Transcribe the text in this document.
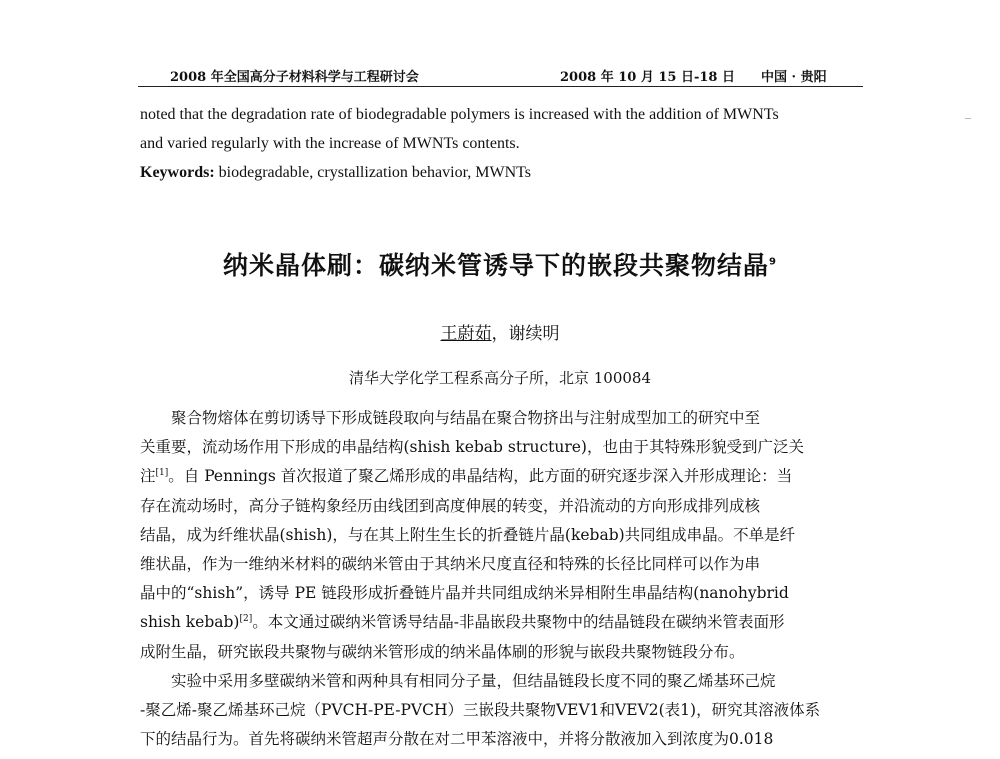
2008 年全国高分子材料科学与工程研讨会	2008 年 10 月 15 日-18 日　　中国 · 贵阳

noted that the degradation rate of biodegradable polymers is increased with the addition of MWNTs

and varied regularly with the increase of MWNTs contents.

Keywords: biodegradable, crystallization behavior, MWNTs

纳米晶体刷：碳纳米管诱导下的嵌段共聚物结晶$^9$
王蔚茹，谢续明
清华大学化学工程系高分子所，北京 100084

聚合物熔体在剪切诱导下形成链段取向与结晶在聚合物挤出与注射成型加工的研究中至

关重要，流动场作用下形成的串晶结构(shish kebab structure)，也由于其特殊形貌受到广泛关

注[1]。自 Pennings 首次报道了聚乙烯形成的串晶结构，此方面的研究逐步深入并形成理论：当

存在流动场时，高分子链构象经历由线团到高度伸展的转变，并沿流动的方向形成排列成核

结晶，成为纤维状晶(shish)，与在其上附生生长的折叠链片晶(kebab)共同组成串晶。不单是纤

维状晶，作为一维纳米材料的碳纳米管由于其纳米尺度直径和特殊的长径比同样可以作为串

晶中的“shish”，诱导 PE 链段形成折叠链片晶并共同组成纳米异相附生串晶结构(nanohybrid

shish kebab)[2]。本文通过碳纳米管诱导结晶-非晶嵌段共聚物中的结晶链段在碳纳米管表面形

成附生晶，研究嵌段共聚物与碳纳米管形成的纳米晶体刷的形貌与嵌段共聚物链段分布。

实验中采用多壁碳纳米管和两种具有相同分子量，但结晶链段长度不同的聚乙烯基环己烷

-聚乙烯-聚乙烯基环己烷（PVCH-PE-PVCH）三嵌段共聚物VEV1和VEV2(表1)，研究其溶液体系

下的结晶行为。首先将碳纳米管超声分散在对二甲苯溶液中，并将分散液加入到浓度为0.018
